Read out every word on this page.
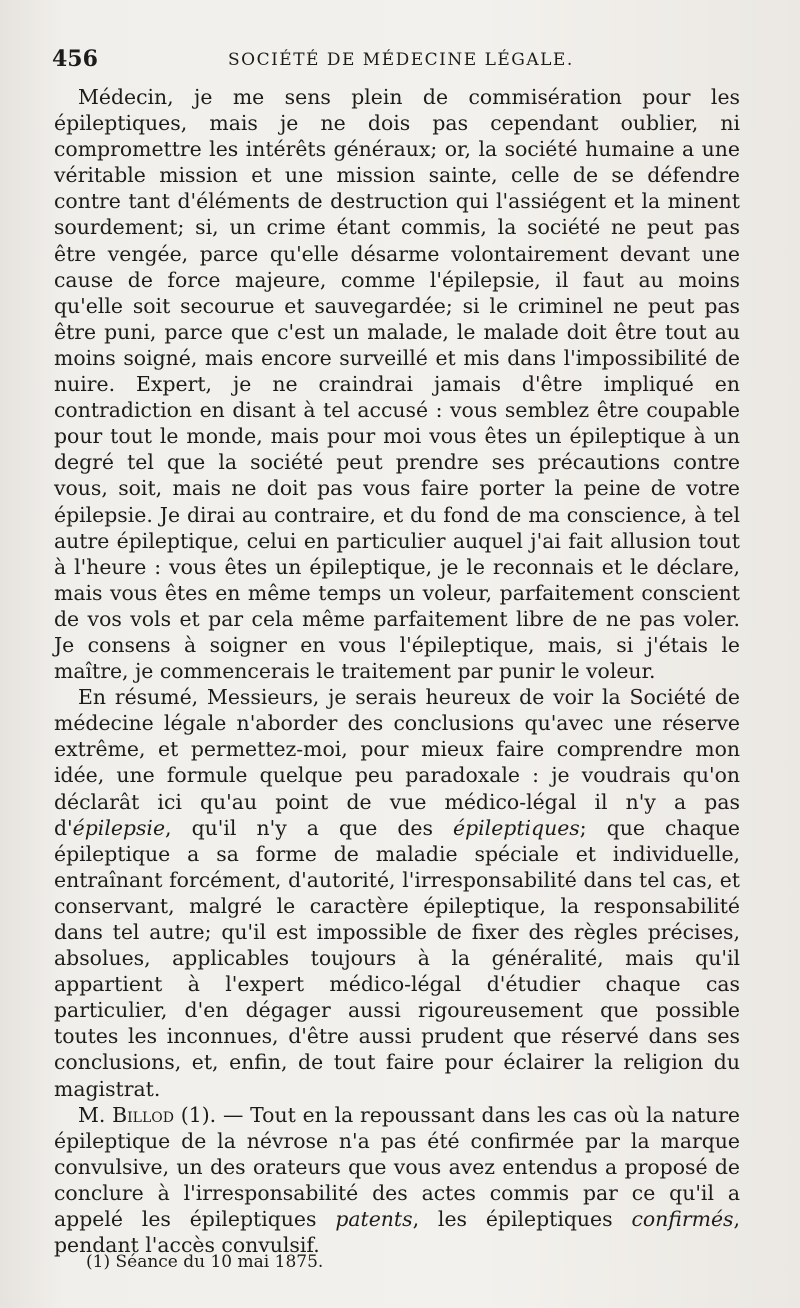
456	SOCIÉTÉ DE MÉDECINE LÉGALE.

Médecin, je me sens plein de commisération pour les épileptiques, mais je ne dois pas cependant oublier, ni compromettre les intérêts généraux; or, la société humaine a une véritable mission et une mission sainte, celle de se défendre contre tant d'éléments de destruction qui l'assiégent et la minent sourdement; si, un crime étant commis, la société ne peut pas être vengée, parce qu'elle désarme volontairement devant une cause de force majeure, comme l'épilepsie, il faut au moins qu'elle soit secourue et sauvegardée; si le criminel ne peut pas être puni, parce que c'est un malade, le malade doit être tout au moins soigné, mais encore surveillé et mis dans l'impossibilité de nuire. Expert, je ne craindrai jamais d'être impliqué en contradiction en disant à tel accusé : vous semblez être coupable pour tout le monde, mais pour moi vous êtes un épileptique à un degré tel que la société peut prendre ses précautions contre vous, soit, mais ne doit pas vous faire porter la peine de votre épilepsie. Je dirai au contraire, et du fond de ma conscience, à tel autre épileptique, celui en particulier auquel j'ai fait allusion tout à l'heure : vous êtes un épileptique, je le reconnais et le déclare, mais vous êtes en même temps un voleur, parfaitement conscient de vos vols et par cela même parfaitement libre de ne pas voler. Je consens à soigner en vous l'épileptique, mais, si j'étais le maître, je commencerais le traitement par punir le voleur.

En résumé, Messieurs, je serais heureux de voir la Société de médecine légale n'aborder des conclusions qu'avec une réserve extrême, et permettez-moi, pour mieux faire comprendre mon idée, une formule quelque peu paradoxale : je voudrais qu'on déclarât ici qu'au point de vue médico-légal il n'y a pas d'épilepsie, qu'il n'y a que des épileptiques; que chaque épileptique a sa forme de maladie spéciale et individuelle, entraînant forcément, d'autorité, l'irresponsabilité dans tel cas, et conservant, malgré le caractère épileptique, la responsabilité dans tel autre; qu'il est impossible de fixer des règles précises, absolues, applicables toujours à la généralité, mais qu'il appartient à l'expert médico-légal d'étudier chaque cas particulier, d'en dégager aussi rigoureusement que possible toutes les inconnues, d'être aussi prudent que réservé dans ses conclusions, et, enfin, de tout faire pour éclairer la religion du magistrat.

M. Billod (1). — Tout en la repoussant dans les cas où la nature épileptique de la névrose n'a pas été confirmée par la marque convulsive, un des orateurs que vous avez entendus a proposé de conclure à l'irresponsabilité des actes commis par ce qu'il a appelé les épileptiques patents, les épileptiques confirmés, pendant l'accès convulsif.

(1) Séance du 10 mai 1875.
